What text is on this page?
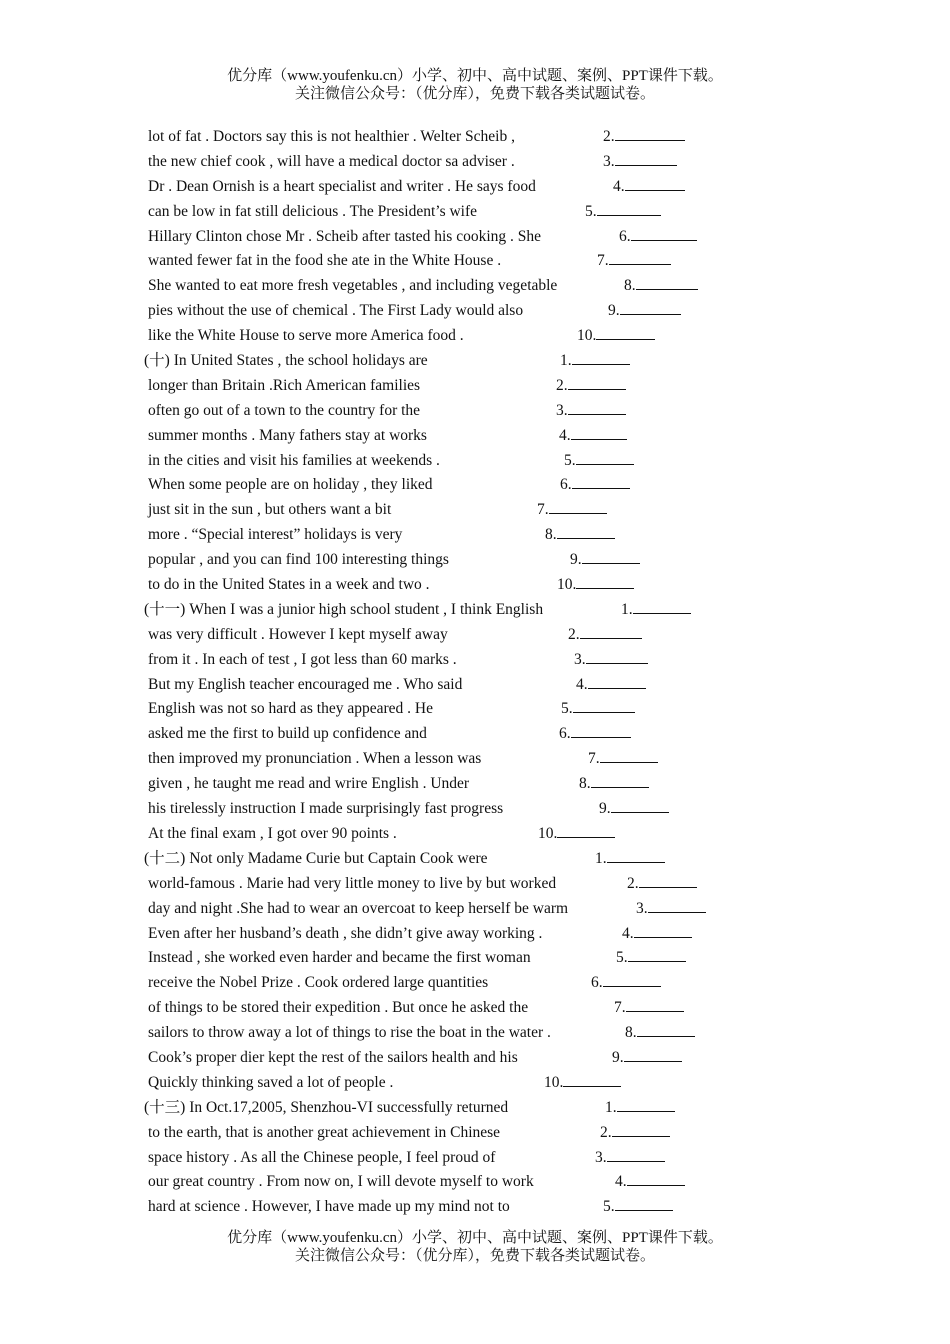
优分库（www.youfenku.cn）小学、初中、高中试题、案例、PPT课件下载。
关注微信公众号：（优分库），免费下载各类试题试卷。
lot of fat . Doctors say this is not healthier . Welter Scheib ,	2.
the new chief cook , will have a medical doctor sa adviser .	3.
Dr . Dean Ornish is a heart specialist and writer . He says food	4.
can be low in fat still delicious . The President’s wife	5.
Hillary Clinton chose Mr . Scheib after tasted his cooking . She	6.
wanted fewer fat in the food she ate in the White House .	7.
She wanted to eat more fresh vegetables , and including vegetable	8.
pies without the use of chemical . The First Lady would also	9.
like the White House to serve more America food .	10.
(十) In United States , the school holidays are	1.
longer than Britain .Rich American families	2.
often go out of a town to the country for the	3.
summer months . Many fathers stay at works	4.
in the cities and visit his families at weekends .	5.
When some people are on holiday , they liked	6.
just sit in the sun , but others want a bit	7.
more . “Special interest” holidays is very	8.
popular , and you can find 100 interesting things	9.
to do in the United States in a week and two .	10.
(十一) When I was a junior high school student , I think English	1.
was very difficult . However I kept myself away	2.
from it . In each of test , I got less than 60 marks .	3.
But my English teacher encouraged me . Who said	4.
English was not so hard as they appeared . He	5.
asked me the first to build up confidence and	6.
then improved my pronunciation . When a lesson was	7.
given , he taught me read and wrire English . Under	8.
his tirelessly instruction I made surprisingly fast progress	9.
At the final exam , I got over 90 points .	10.
(十二) Not only Madame Curie but Captain Cook were	1.
world-famous . Marie had very little money to live by but worked	2.
day and night .She had to wear an overcoat to keep herself be warm	3.
Even after her husband’s death , she didn’t give away working .	4.
Instead , she worked even harder and became the first woman	5.
receive the Nobel Prize . Cook ordered large quantities	6.
of things to be stored their expedition . But once he asked the	7.
sailors to throw away a lot of things to rise the boat in the water .	8.
Cook’s proper dier kept the rest of the sailors health and his	9.
Quickly thinking saved a lot of people .	10.
(十三) In Oct.17,2005, Shenzhou-VI successfully returned	1.
to the earth, that is another great achievement in Chinese	2.
space history . As all the Chinese people, I feel proud of	3.
our great country . From now on, I will devote myself to work	4.
hard at science . However, I have made up my mind not to	5.
优分库（www.youfenku.cn）小学、初中、高中试题、案例、PPT课件下载。
关注微信公众号：（优分库），免费下载各类试题试卷。
